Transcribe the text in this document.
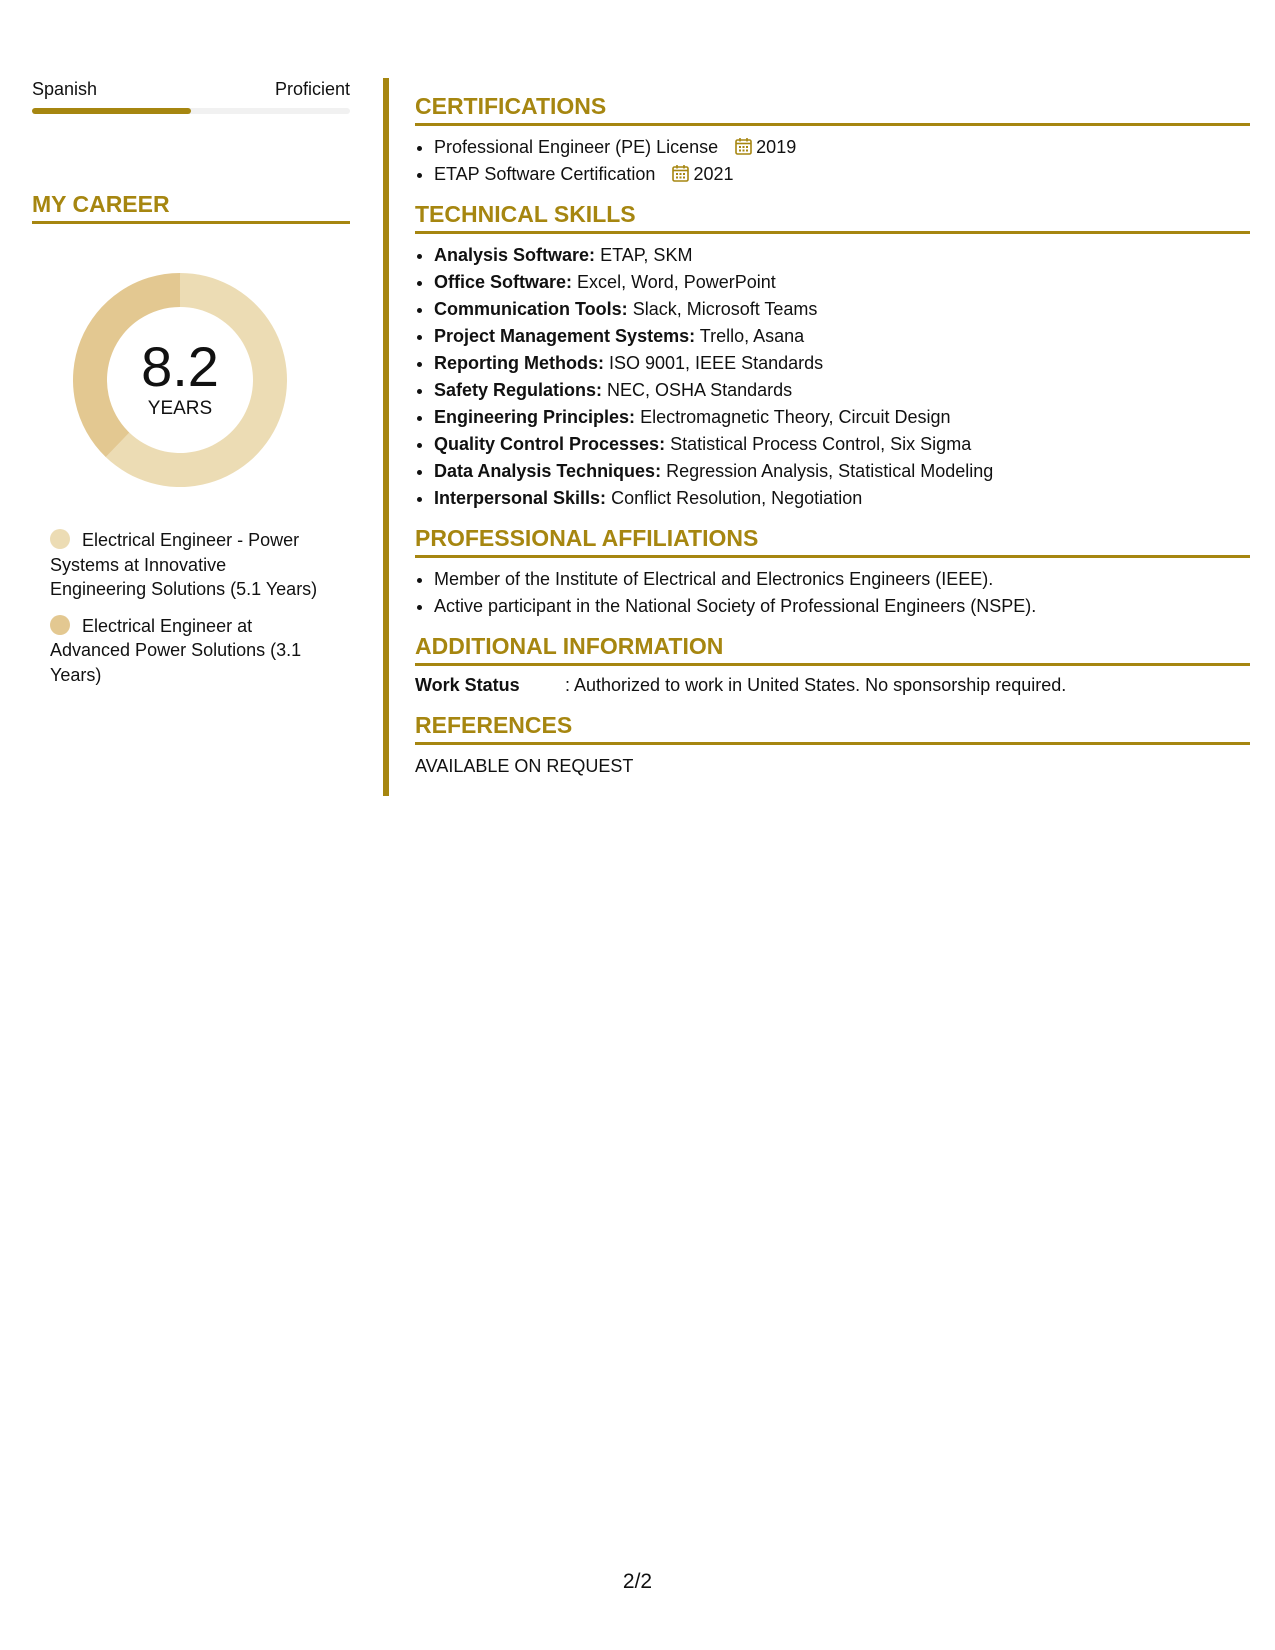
Spanish	Proficient
MY CAREER
8.2
YEARS
Electrical Engineer - Power Systems at Innovative Engineering Solutions (5.1 Years)
Electrical Engineer at Advanced Power Solutions (3.1 Years)
CERTIFICATIONS
• Professional Engineer (PE) License 2019
• ETAP Software Certification 2021
TECHNICAL SKILLS
• Analysis Software: ETAP, SKM
• Office Software: Excel, Word, PowerPoint
• Communication Tools: Slack, Microsoft Teams
• Project Management Systems: Trello, Asana
• Reporting Methods: ISO 9001, IEEE Standards
• Safety Regulations: NEC, OSHA Standards
• Engineering Principles: Electromagnetic Theory, Circuit Design
• Quality Control Processes: Statistical Process Control, Six Sigma
• Data Analysis Techniques: Regression Analysis, Statistical Modeling
• Interpersonal Skills: Conflict Resolution, Negotiation
PROFESSIONAL AFFILIATIONS
• Member of the Institute of Electrical and Electronics Engineers (IEEE).
• Active participant in the National Society of Professional Engineers (NSPE).
ADDITIONAL INFORMATION
Work Status	: Authorized to work in United States. No sponsorship required.
REFERENCES
AVAILABLE ON REQUEST
2/2
